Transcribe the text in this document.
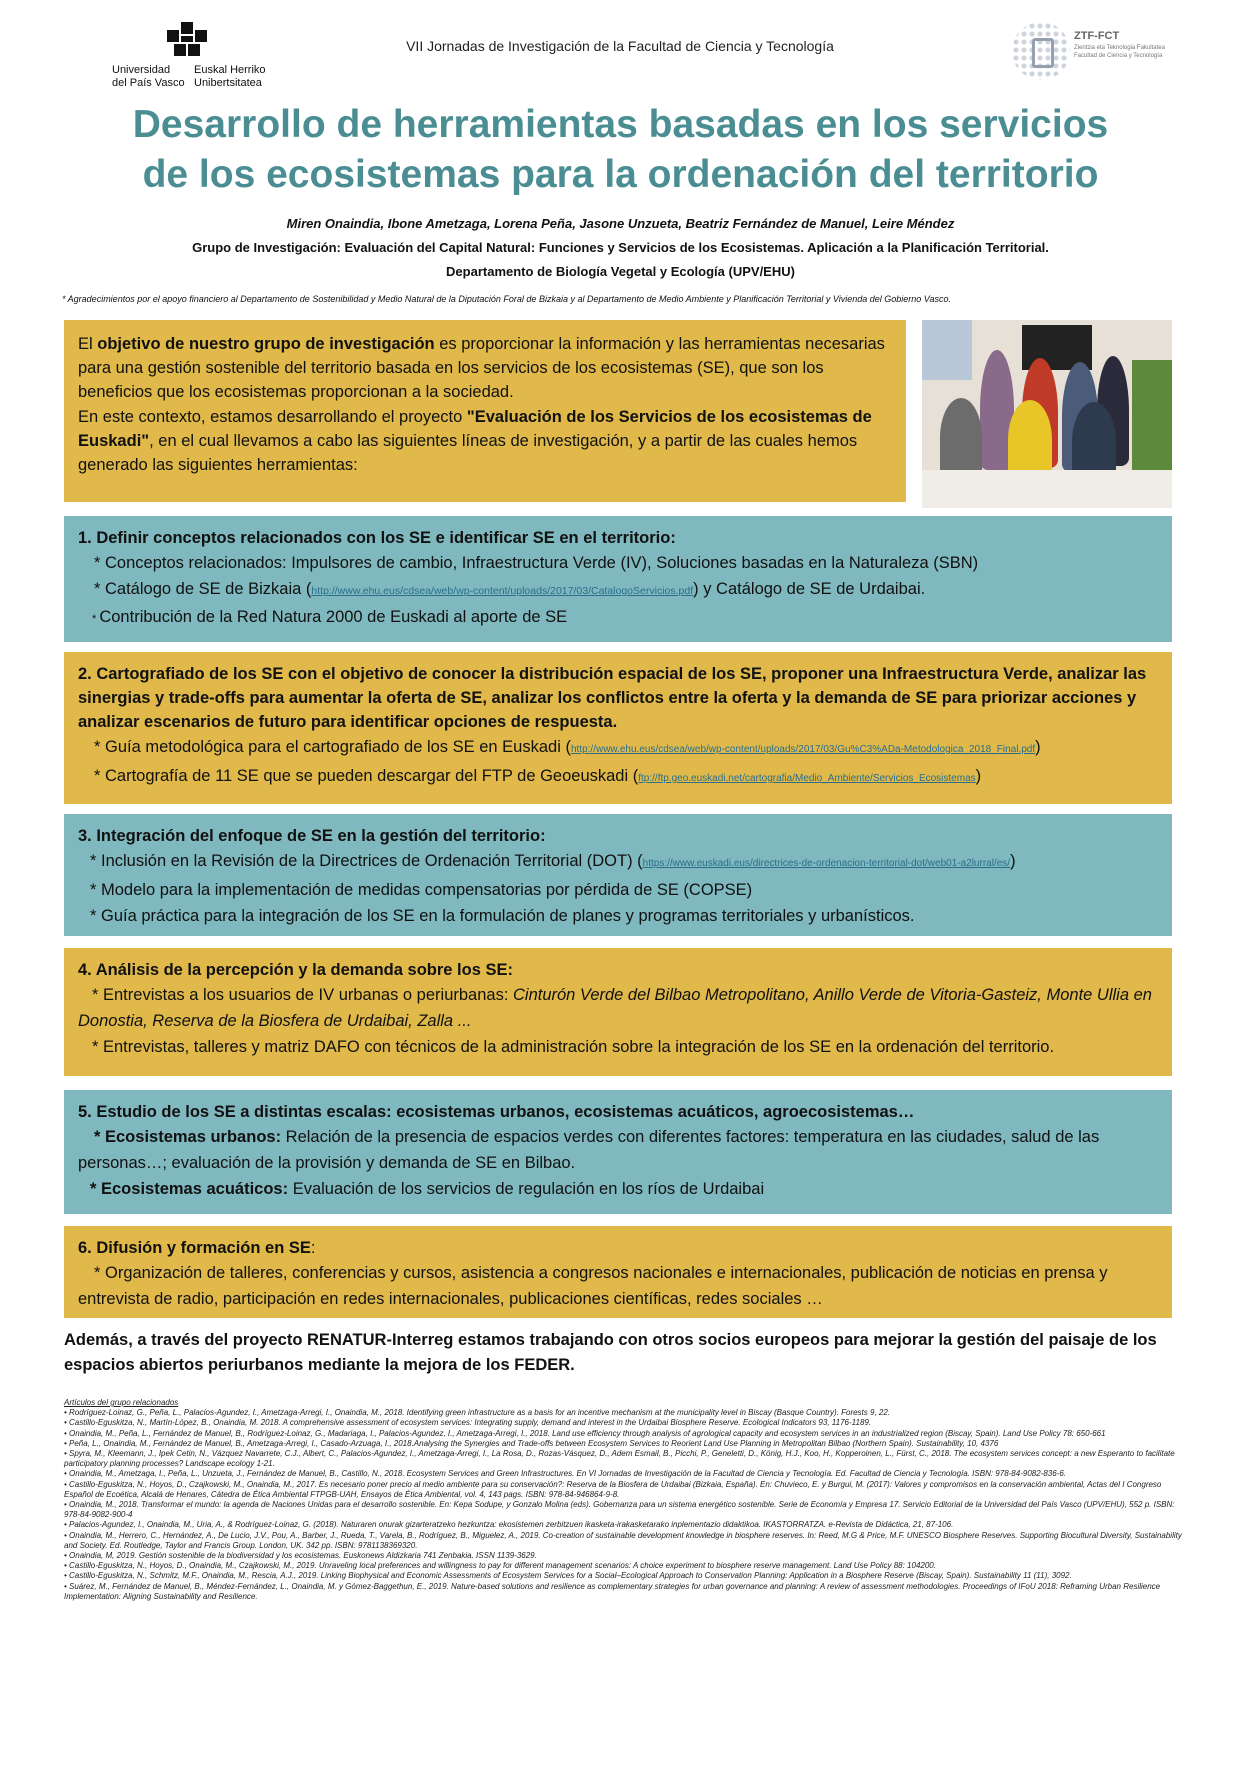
Universidad
del País Vasco
Euskal Herriko
Unibertsitatea
VII Jornadas de Investigación de la Facultad de Ciencia y Tecnología
ZTF-FCT
Zientzia eta Teknologia Fakultatea
Facultad de Ciencia y Tecnología
Desarrollo de herramientas basadas en los servicios
de los ecosistemas para la ordenación del territorio
Miren Onaindia, Ibone Ametzaga, Lorena Peña, Jasone Unzueta, Beatriz Fernández de Manuel, Leire Méndez
Grupo de Investigación: Evaluación del Capital Natural: Funciones y Servicios de los Ecosistemas. Aplicación a la Planificación Territorial.
Departamento de Biología Vegetal y Ecología (UPV/EHU)
* Agradecimientos por el apoyo financiero al Departamento de Sostenibilidad y Medio Natural de la Diputación Foral de Bizkaia y al Departamento de Medio Ambiente y Planificación Territorial y Vivienda del Gobierno Vasco.
El objetivo de nuestro grupo de investigación es proporcionar la información y las herramientas necesarias para una gestión sostenible del territorio basada en los servicios de los ecosistemas (SE), que son los beneficios que los ecosistemas proporcionan a la sociedad.
En este contexto, estamos desarrollando el proyecto "Evaluación de los Servicios de los ecosistemas de Euskadi", en el cual llevamos a cabo las siguientes líneas de investigación, y a partir de las cuales hemos generado las siguientes herramientas:
1. Definir conceptos relacionados con los SE e identificar SE en el territorio:
* Conceptos relacionados: Impulsores de cambio, Infraestructura Verde (IV), Soluciones basadas en la Naturaleza (SBN)
* Catálogo de SE de Bizkaia (http://www.ehu.eus/cdsea/web/wp-content/uploads/2017/03/CatalogoServicios.pdf) y Catálogo de SE de Urdaibai.
* Contribución de la Red Natura 2000 de Euskadi al aporte de SE
2. Cartografiado de los SE con el objetivo de conocer la distribución espacial de los SE, proponer una Infraestructura Verde, analizar las sinergias y trade-offs para aumentar la oferta de SE, analizar los conflictos entre la oferta y la demanda de SE para priorizar acciones y analizar escenarios de futuro para identificar opciones de respuesta.
* Guía metodológica para el cartografiado de los SE en Euskadi (http://www.ehu.eus/cdsea/web/wp-content/uploads/2017/03/Gu%C3%ADa-Metodologica_2018_Final.pdf)
* Cartografía de 11 SE que se pueden descargar del FTP de Geoeuskadi (ftp://ftp.geo.euskadi.net/cartografia/Medio_Ambiente/Servicios_Ecosistemas)
3. Integración del enfoque de SE en la gestión del territorio:
* Inclusión en la Revisión de la Directrices de Ordenación Territorial (DOT) (https://www.euskadi.eus/directrices-de-ordenacion-territorial-dot/web01-a2lurral/es/)
* Modelo para la implementación de medidas compensatorias por pérdida de SE (COPSE)
* Guía práctica para la integración de los SE en la formulación de planes y programas territoriales y urbanísticos.
4. Análisis de la percepción y la demanda sobre los SE:
* Entrevistas a los usuarios de IV urbanas o periurbanas: Cinturón Verde del Bilbao Metropolitano, Anillo Verde de Vitoria-Gasteiz, Monte Ullia en Donostia, Reserva de la Biosfera de Urdaibai, Zalla ...
* Entrevistas, talleres y matriz DAFO con técnicos de la administración sobre la integración de los SE en la ordenación del territorio.
5. Estudio de los SE a distintas escalas: ecosistemas urbanos, ecosistemas acuáticos, agroecosistemas…
* Ecosistemas urbanos: Relación de la presencia de espacios verdes con diferentes factores: temperatura en las ciudades, salud de las personas…; evaluación de la provisión y demanda de SE en Bilbao.
* Ecosistemas acuáticos: Evaluación de los servicios de regulación en los ríos de Urdaibai
6. Difusión y formación en SE:
* Organización de talleres, conferencias y cursos, asistencia a congresos nacionales e internacionales, publicación de noticias en prensa y entrevista de radio, participación en redes internacionales, publicaciones científicas, redes sociales …
Además, a través del proyecto RENATUR-Interreg estamos trabajando con otros socios europeos para mejorar la gestión del paisaje de los espacios abiertos periurbanos mediante la mejora de los FEDER.
Artículos del grupo relacionados
• Rodríguez-Loinaz, G., Peña, L., Palacios-Agundez, I., Ametzaga-Arregi, I., Onaindia, M., 2018. Identifying green infrastructure as a basis for an incentive mechanism at the municipality level in Biscay (Basque Country). Forests 9, 22.
• Castillo-Eguskitza, N., Martín-López, B., Onaindia, M. 2018. A comprehensive assessment of ecosystem services: Integrating supply, demand and interest in the Urdaibai Biosphere Reserve. Ecological Indicators 93, 1176-1189.
• Onaindia, M., Peña, L., Fernández de Manuel, B., Rodríguez-Loinaz, G., Madariaga, I., Palacios-Agundez, I., Ametzaga-Arregi, I., 2018. Land use efficiency through analysis of agrological capacity and ecosystem services in an industrialized region (Biscay, Spain). Land Use Policy 78: 650-661
• Peña, L., Onaindia, M., Fernández de Manuel, B., Ametzaga-Arregi, I., Casado-Arzuaga, I., 2018.Analysing the Synergies and Trade-offs between Ecosystem Services to Reorient Land Use Planning in Metropolitan Bilbao (Northern Spain). Sustainability, 10, 4376
• Spyra, M., Kleemann, J., Ipek Cetin, N., Vázquez Navarrete, C.J., Albert, C., Palacios-Agundez, I., Ametzaga-Arregi, I., La Rosa, D., Rozas-Vásquez, D., Adem Esmail, B., Picchi, P., Geneletti, D., König, H.J., Koo, H., Kopperoinen, L., Fürst, C., 2018. The ecosystem services concept: a new Esperanto to facilitate participatory planning processes? Landscape ecology 1-21.
• Onaindia, M., Ametzaga, I., Peña, L., Unzueta, J., Fernández de Manuel, B., Castillo, N., 2018. Ecosystem Services and Green Infrastructures. En VI Jornadas de Investigación de la Facultad de Ciencia y Tecnología. Ed. Facultad de Ciencia y Tecnología. ISBN: 978-84-9082-836-6.
• Castillo-Eguskitza, N., Hoyos, D., Czajkowski, M., Onaindia, M., 2017. Es necesario poner precio al medio ambiente para su conservación?: Reserva de la Biosfera de Urdaibai (Bizkaia, España). En: Chuvieco, E. y Burgui, M. (2017): Valores y compromisos en la conservación ambiental, Actas del I Congreso Español de Ecoética, Alcalá de Henares, Cátedra de Ética Ambiental FTPGB-UAH, Ensayos de Ética Ambiental, vol. 4, 143 pags. ISBN: 978-84-946864-9-8.
• Onaindia, M., 2018. Transformar el mundo: la agenda de Naciones Unidas para el desarrollo sostenible. En: Kepa Sodupe, y Gonzalo Molina (eds). Gobernanza para un sistema energético sostenible. Serie de Economía y Empresa 17. Servicio Editorial de la Universidad del País Vasco (UPV/EHU), 552 p. ISBN: 978-84-9082-900-4
• Palacios-Agundez, I., Onaindia, M., Uria, A., & Rodríguez-Loinaz, G. (2018). Naturaren onurak gizarteratzeko hezkuntza: ekosistemen zerbitzuen ikasketa-irakasketarako inplementazio didaktikoa. IKASTORRATZA. e-Revista de Didáctica, 21, 87-106.
• Onaindia, M., Herrero, C., Hernández, A., De Lucio, J.V., Pou, A., Barber, J., Rueda, T., Varela, B., Rodríguez, B., Miguelez, A., 2019. Co-creation of sustainable development knowledge in biosphere reserves. In: Reed, M.G & Price, M.F. UNESCO Biosphere Reserves. Supporting Biocultural Diversity, Sustainability and Society. Ed. Routledge, Taylor and Francis Group. London, UK. 342 pp. ISBN: 9781138369320.
• Onaindia, M, 2019. Gestión sostenible de la biodiversidad y los ecosistemas. Euskonews Aldizkaria 741 Zenbakia. ISSN 1139-3629.
• Castillo-Eguskitza, N., Hoyos, D., Onaindia, M., Czajkowski, M., 2019. Unraveling local preferences and willingness to pay for different management scenarios: A choice experiment to biosphere reserve management. Land Use Policy 88: 104200.
• Castillo-Eguskitza, N., Schmitz, M.F., Onaindia, M., Rescia, A.J., 2019. Linking Biophysical and Economic Assessments of Ecosystem Services for a Social–Ecological Approach to Conservation Planning: Application in a Biosphere Reserve (Biscay, Spain). Sustainability 11 (11), 3092.
• Suárez, M., Fernández de Manuel, B., Méndez-Fernández, L., Onaindia, M. y Gómez-Baggethun, E., 2019. Nature-based solutions and resilience as complementary strategies for urban governance and planning: A review of assessment methodologies. Proceedings of IFoU 2018: Reframing Urban Resilience Implementation: Aligning Sustainability and Resilience.
